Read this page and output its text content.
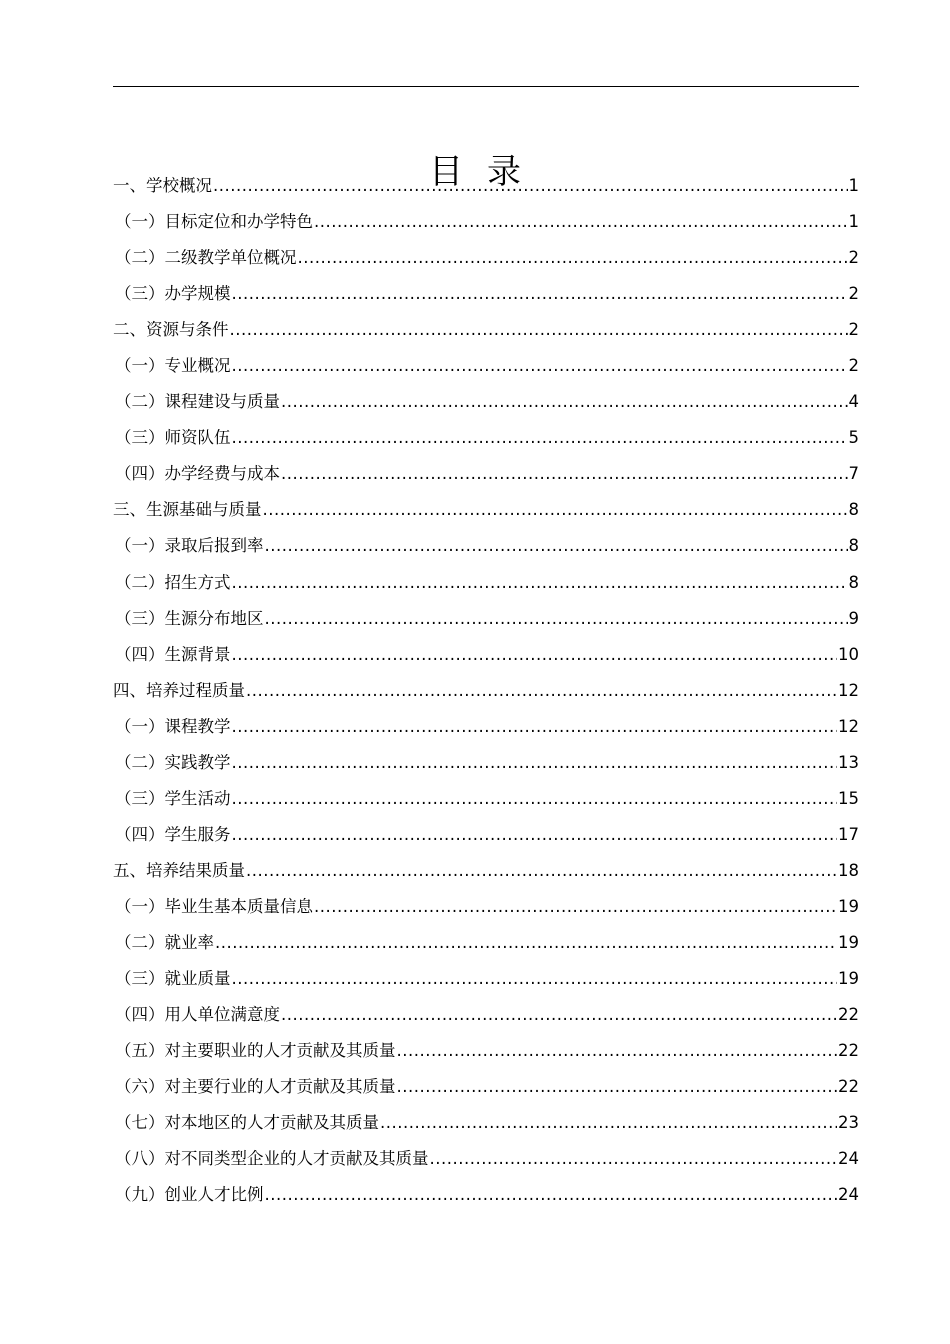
目 录
一、学校概况 .....	1
（一）目标定位和办学特色 .....	1
（二）二级教学单位概况 .....	2
（三）办学规模 .....	2
二、资源与条件 .....	2
（一）专业概况 .....	2
（二）课程建设与质量 .....	4
（三）师资队伍 .....	5
（四）办学经费与成本 .....	7
三、生源基础与质量 .....	8
（一）录取后报到率 .....	8
（二）招生方式 .....	8
（三）生源分布地区 .....	9
（四）生源背景 .....	10
四、培养过程质量 .....	12
（一）课程教学 .....	12
（二）实践教学 .....	13
（三）学生活动 .....	15
（四）学生服务 .....	17
五、培养结果质量 .....	18
（一）毕业生基本质量信息 .....	19
（二）就业率 .....	19
（三）就业质量 .....	19
（四）用人单位满意度 .....	22
（五）对主要职业的人才贡献及其质量 .....	22
（六）对主要行业的人才贡献及其质量 .....	22
（七）对本地区的人才贡献及其质量 .....	23
（八）对不同类型企业的人才贡献及其质量 .....	24
（九）创业人才比例 .....	24
